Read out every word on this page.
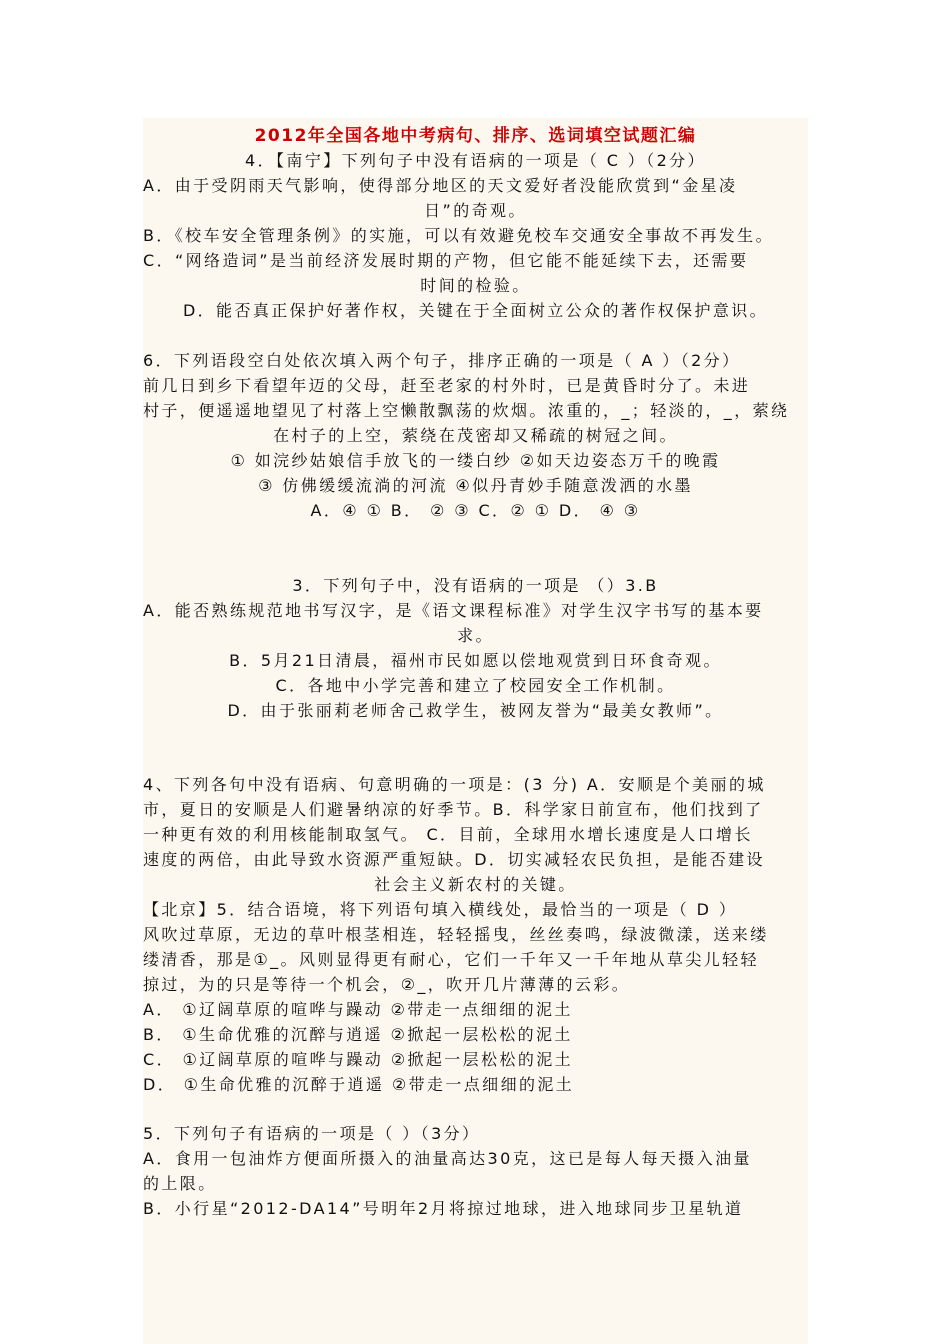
2012年全国各地中考病句、排序、选词填空试题汇编
4．【南宁】下列句子中没有语病的一项是（ C ）（2分）
A．由于受阴雨天气影响，使得部分地区的天文爱好者没能欣赏到“金星凌
日”的奇观。
B．《校车安全管理条例》的实施，可以有效避免校车交通安全事故不再发生。
C．“网络造词”是当前经济发展时期的产物，但它能不能延续下去，还需要
时间的检验。
D．能否真正保护好著作权，关键在于全面树立公众的著作权保护意识。
6．下列语段空白处依次填入两个句子，排序正确的一项是（ A ）（2分）
前几日到乡下看望年迈的父母，赶至老家的村外时，已是黄昏时分了。未进
村子，便遥遥地望见了村落上空懒散飘荡的炊烟。浓重的，_；轻淡的，_，萦绕
在村子的上空，萦绕在茂密却又稀疏的树冠之间。
① 如浣纱姑娘信手放飞的一缕白纱 ②如天边姿态万千的晚霞
③ 仿佛缓缓流淌的河流 ④似丹青妙手随意泼洒的水墨
A．④ ① B． ② ③ C．② ① D． ④ ③
3．下列句子中，没有语病的一项是 （）3.B
A．能否熟练规范地书写汉字，是《语文课程标准》对学生汉字书写的基本要
求。
B．5月21日清晨，福州市民如愿以偿地观赏到日环食奇观。
C．各地中小学完善和建立了校园安全工作机制。
D．由于张丽莉老师舍己救学生，被网友誉为“最美女教师”。
4、下列各句中没有语病、句意明确的一项是：(3 分) A．安顺是个美丽的城
市，夏日的安顺是人们避暑纳凉的好季节。B．科学家日前宣布，他们找到了
一种更有效的利用核能制取氢气。 C．目前，全球用水增长速度是人口增长
速度的两倍，由此导致水资源严重短缺。D．切实减轻农民负担，是能否建设
社会主义新农村的关键。
【北京】5．结合语境，将下列语句填入横线处，最恰当的一项是（ D ）
风吹过草原，无边的草叶根茎相连，轻轻摇曳，丝丝奏鸣，绿波微漾，送来缕
缕清香，那是①_。风则显得更有耐心，它们一千年又一千年地从草尖儿轻轻
掠过，为的只是等待一个机会，②_，吹开几片薄薄的云彩。
A． ①辽阔草原的喧哗与躁动 ②带走一点细细的泥土
B． ①生命优雅的沉醉与逍遥 ②掀起一层松松的泥土
C． ①辽阔草原的喧哗与躁动 ②掀起一层松松的泥土
D． ①生命优雅的沉醉于逍遥 ②带走一点细细的泥土
5．下列句子有语病的一项是（ ）（3分）
A．食用一包油炸方便面所摄入的油量高达30克，这已是每人每天摄入油量
的上限。
B．小行星“2012-DA14”号明年2月将掠过地球，进入地球同步卫星轨道
